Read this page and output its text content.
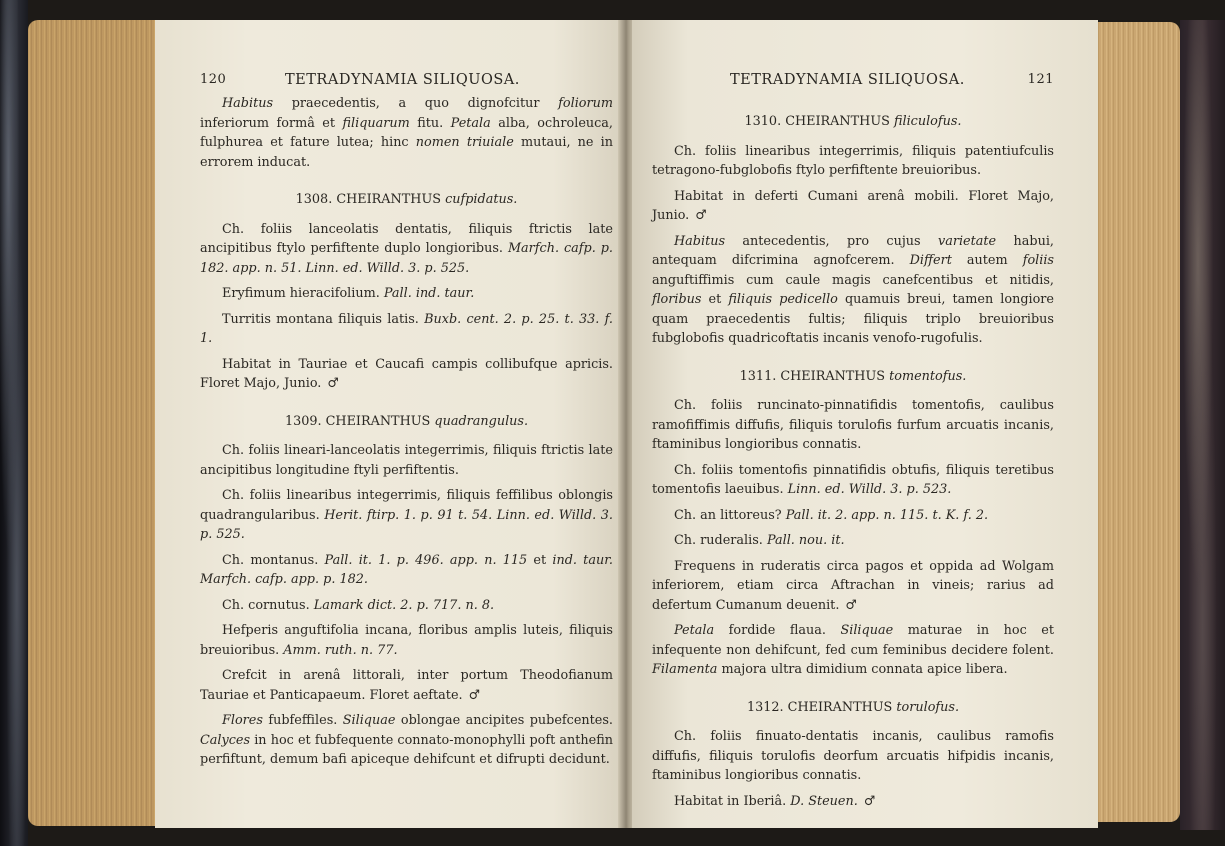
120	TETRADYNAMIA SILIQUOSA.

Habitus praecedentis, a quo dignofcitur foliorum inferiorum formâ et filiquarum fitu. Petala alba, ochroleuca, fulphurea et fature lutea; hinc nomen triuiale mutaui, ne in errorem inducat.

1308. CHEIRANTHUS cufpidatus.

Ch. foliis lanceolatis dentatis, filiquis ftrictis late ancipitibus ftylo perfiftente duplo longioribus. Marfch. cafp. p. 182. app. n. 51. Linn. ed. Willd. 3. p. 525.

Eryfimum hieracifolium. Pall. ind. taur.

Turritis montana filiquis latis. Buxb. cent. 2. p. 25. t. 33. f. 1.

Habitat in Tauriae et Caucafi campis collibufque apricis. Floret Majo, Junio. ♂

1309. CHEIRANTHUS quadrangulus.

Ch. foliis lineari-lanceolatis integerrimis, filiquis ftrictis late ancipitibus longitudine ftyli perfiftentis.

Ch. foliis linearibus integerrimis, filiquis feffilibus oblongis quadrangularibus. Herit. ftirp. 1. p. 91 t. 54. Linn. ed. Willd. 3. p. 525.

Ch. montanus. Pall. it. 1. p. 496. app. n. 115 et ind. taur. Marfch. cafp. app. p. 182.

Ch. cornutus. Lamark dict. 2. p. 717. n. 8.

Hefperis anguftifolia incana, floribus amplis luteis, filiquis breuioribus. Amm. ruth. n. 77.

Crefcit in arenâ littorali, inter portum Theodofianum Tauriae et Panticapaeum. Floret aeftate. ♂

Flores fubfeffiles. Siliquae oblongae ancipites pubefcentes. Calyces in hoc et fubfequente connato-monophylli poft anthefin perfiftunt, demum bafi apiceque dehifcunt et difrupti decidunt.

TETRADYNAMIA SILIQUOSA.	121

1310. CHEIRANTHUS filiculofus.

Ch. foliis linearibus integerrimis, filiquis patentiufculis tetragono-fubglobofis ftylo perfiftente breuioribus.

Habitat in deferti Cumani arenâ mobili. Floret Majo, Junio. ♂

Habitus antecedentis, pro cujus varietate habui, antequam difcrimina agnofcerem. Differt autem foliis anguftiffimis cum caule magis canefcentibus et nitidis, floribus et filiquis pedicello quamuis breui, tamen longiore quam praecedentis fultis; filiquis triplo breuioribus fubglobofis quadricoftatis incanis venofo-rugofulis.

1311. CHEIRANTHUS tomentofus.

Ch. foliis runcinato-pinnatifidis tomentofis, caulibus ramofiffimis diffufis, filiquis torulofis furfum arcuatis incanis, ftaminibus longioribus connatis.

Ch. foliis tomentofis pinnatifidis obtufis, filiquis teretibus tomentofis laeuibus. Linn. ed. Willd. 3. p. 523.

Ch. an littoreus? Pall. it. 2. app. n. 115. t. K. f. 2.

Ch. ruderalis. Pall. nou. it.

Frequens in ruderatis circa pagos et oppida ad Wolgam inferiorem, etiam circa Aftrachan in vineis; rarius ad defertum Cumanum deuenit. ♂

Petala fordide flaua. Siliquae maturae in hoc et infequente non dehifcunt, fed cum feminibus decidere folent. Filamenta majora ultra dimidium connata apice libera.

1312. CHEIRANTHUS torulofus.

Ch. foliis finuato-dentatis incanis, caulibus ramofis diffufis, filiquis torulofis deorfum arcuatis hifpidis incanis, ftaminibus longioribus connatis.

Habitat in Iberiâ. D. Steuen. ♂
